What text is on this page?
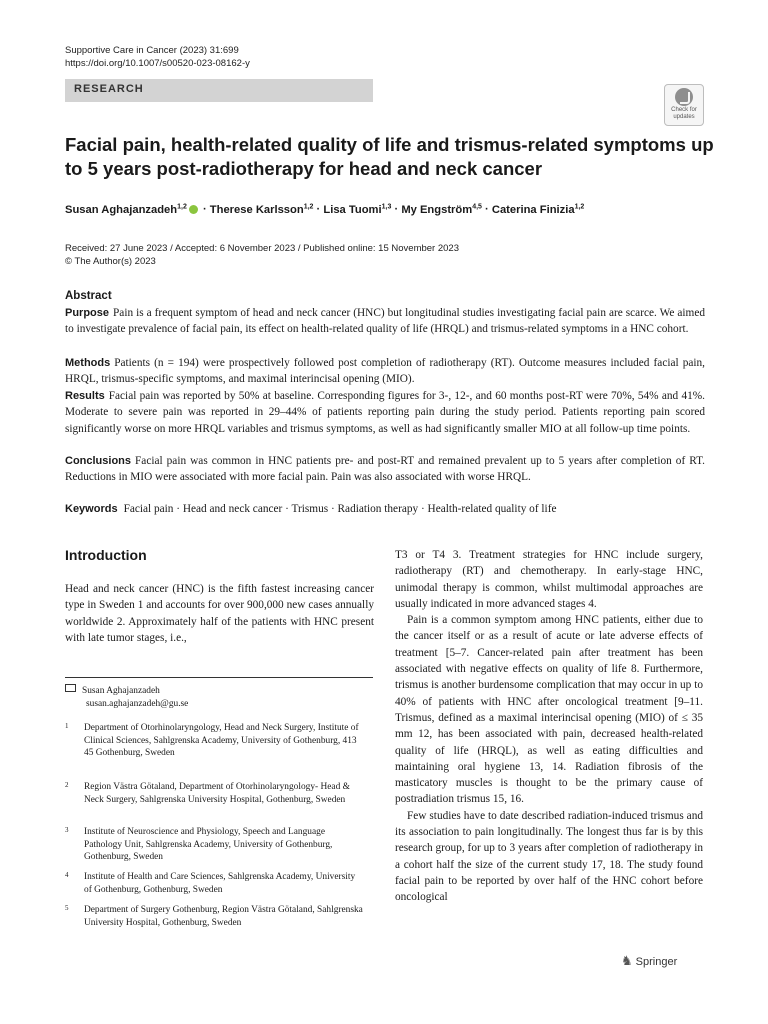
Supportive Care in Cancer (2023) 31:699
https://doi.org/10.1007/s00520-023-08162-y
RESEARCH
Check for
updates
Facial pain, health-related quality of life and trismus-related symptoms up to 5 years post-radiotherapy for head and neck cancer
Susan Aghajanzadeh$^{1,2}$ · Therese Karlsson$^{1,2}$ · Lisa Tuomi$^{1,3}$ · My Engström$^{4,5}$ · Caterina Finizia$^{1,2}$
Received: 27 June 2023 / Accepted: 6 November 2023 / Published online: 15 November 2023
© The Author(s) 2023
Abstract
Purpose Pain is a frequent symptom of head and neck cancer (HNC) but longitudinal studies investigating facial pain are scarce. We aimed to investigate prevalence of facial pain, its effect on health-related quality of life (HRQL) and trismus-related symptoms in a HNC cohort.
Methods Patients (n = 194) were prospectively followed post completion of radiotherapy (RT). Outcome measures included facial pain, HRQL, trismus-specific symptoms, and maximal interincisal opening (MIO).
Results Facial pain was reported by 50% at baseline. Corresponding figures for 3-, 12-, and 60 months post-RT were 70%, 54% and 41%. Moderate to severe pain was reported in 29–44% of patients reporting pain during the study period. Patients reporting pain scored significantly worse on more HRQL variables and trismus symptoms, as well as had significantly smaller MIO at all follow-up time points.
Conclusions Facial pain was common in HNC patients pre- and post-RT and remained prevalent up to 5 years after completion of RT. Reductions in MIO were associated with more facial pain. Pain was also associated with worse HRQL.
Keywords Facial pain · Head and neck cancer · Trismus · Radiation therapy · Health-related quality of life
Introduction
Head and neck cancer (HNC) is the fifth fastest increasing cancer type in Sweden 1 and accounts for over 900,000 new cases annually worldwide 2. Approximately half of the patients with HNC present with late tumor stages, i.e.,

T3 or T4 3. Treatment strategies for HNC include surgery, radiotherapy (RT) and chemotherapy. In early-stage HNC, unimodal therapy is common, whilst multimodal approaches are usually indicated in more advanced stages 4.

Pain is a common symptom among HNC patients, either due to the cancer itself or as a result of acute or late adverse effects of treatment [5–7. Cancer-related pain after treatment has been associated with negative effects on quality of life 8. Furthermore, trismus is another burdensome complication that may occur in up to 40% of patients with HNC after oncological treatment [9–11. Trismus, defined as a maximal interincisal opening (MIO) of ≤ 35 mm 12, has been associated with pain, decreased health-related quality of life (HRQL), as well as eating difficulties and maintaining oral hygiene 13, 14. Radiation fibrosis of the masticatory muscles is thought to be the primary cause of postradiation trismus 15, 16.

Few studies have to date described radiation-induced trismus and its association to pain longitudinally. The longest thus far is by this research group, for up to 3 years after completion of radiotherapy in a cohort half the size of the current study 17, 18. The study found facial pain to be reported by over half of the HNC cohort before oncological

Susan Aghajanzadeh
susan.aghajanzadeh@gu.se
1 Department of Otorhinolaryngology, Head and Neck Surgery, Institute of Clinical Sciences, Sahlgrenska Academy, University of Gothenburg, 413 45 Gothenburg, Sweden
2 Region Västra Götaland, Department of Otorhinolaryngology- Head & Neck Surgery, Sahlgrenska University Hospital, Gothenburg, Sweden
3 Institute of Neuroscience and Physiology, Speech and Language Pathology Unit, Sahlgrenska Academy, University of Gothenburg, Gothenburg, Sweden
4 Institute of Health and Care Sciences, Sahlgrenska Academy, University of Gothenburg, Gothenburg, Sweden
5 Department of Surgery Gothenburg, Region Västra Götaland, Sahlgrenska University Hospital, Gothenburg, Sweden
♞ Springer
